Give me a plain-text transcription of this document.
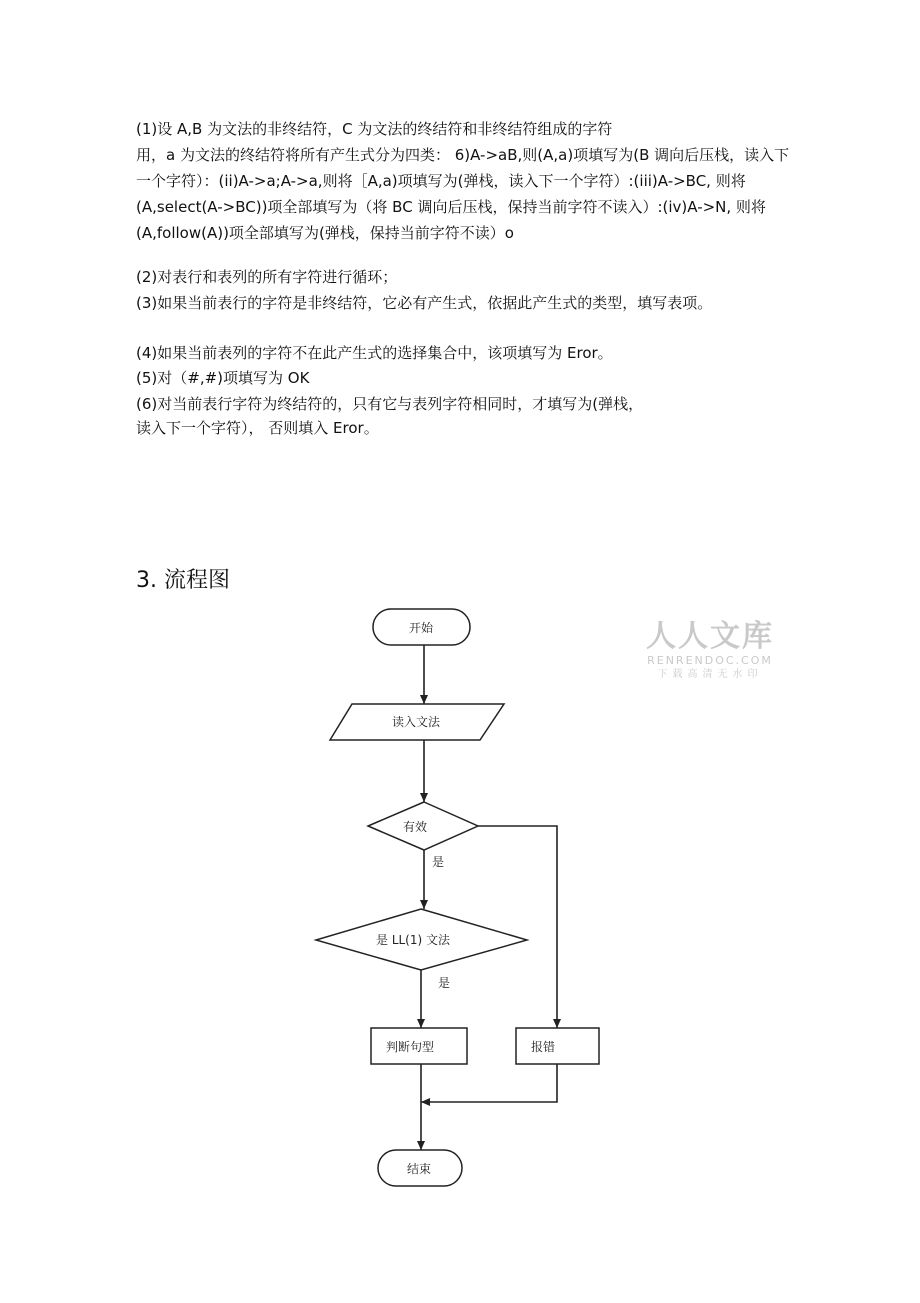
(1)设 A,B 为文法的非终结符，C 为文法的终结符和非终结符组成的字符

用，a 为文法的终结符将所有产生式分为四类： 6)A->aB,则(A,a)项填写为(B 调向后压栈，读入下一个字符）：(ii)A->a;A->a,则将［A,a)项填写为(弹栈，读入下一个字符）:(iii)A->BC, 则将(A,select(A->BC))项全部填写为（将 BC 调向后压栈，保持当前字符不读入）:(iv)A->N, 则将(A,follow(A))项全部填写为(弹栈，保持当前字符不读）o

(2)对表行和表列的所有字符进行循环；

(3)如果当前表行的字符是非终结符，它必有产生式，依据此产生式的类型，填写表项。

(4)如果当前表列的字符不在此产生式的选择集合中，该项填写为 Eror。

(5)对（#,#)项填写为 OK

(6)对当前表行字符为终结符的，只有它与表列字符相同时，才填写为(弹栈，

读入下一个字符）， 否则填入 Eror。

3. 流程图
人人文库
RENRENDOC.COM
下载高清无水印
开始
读入文法
有效
是
是 LL(1) 文法
是
判断句型	报错
结束
